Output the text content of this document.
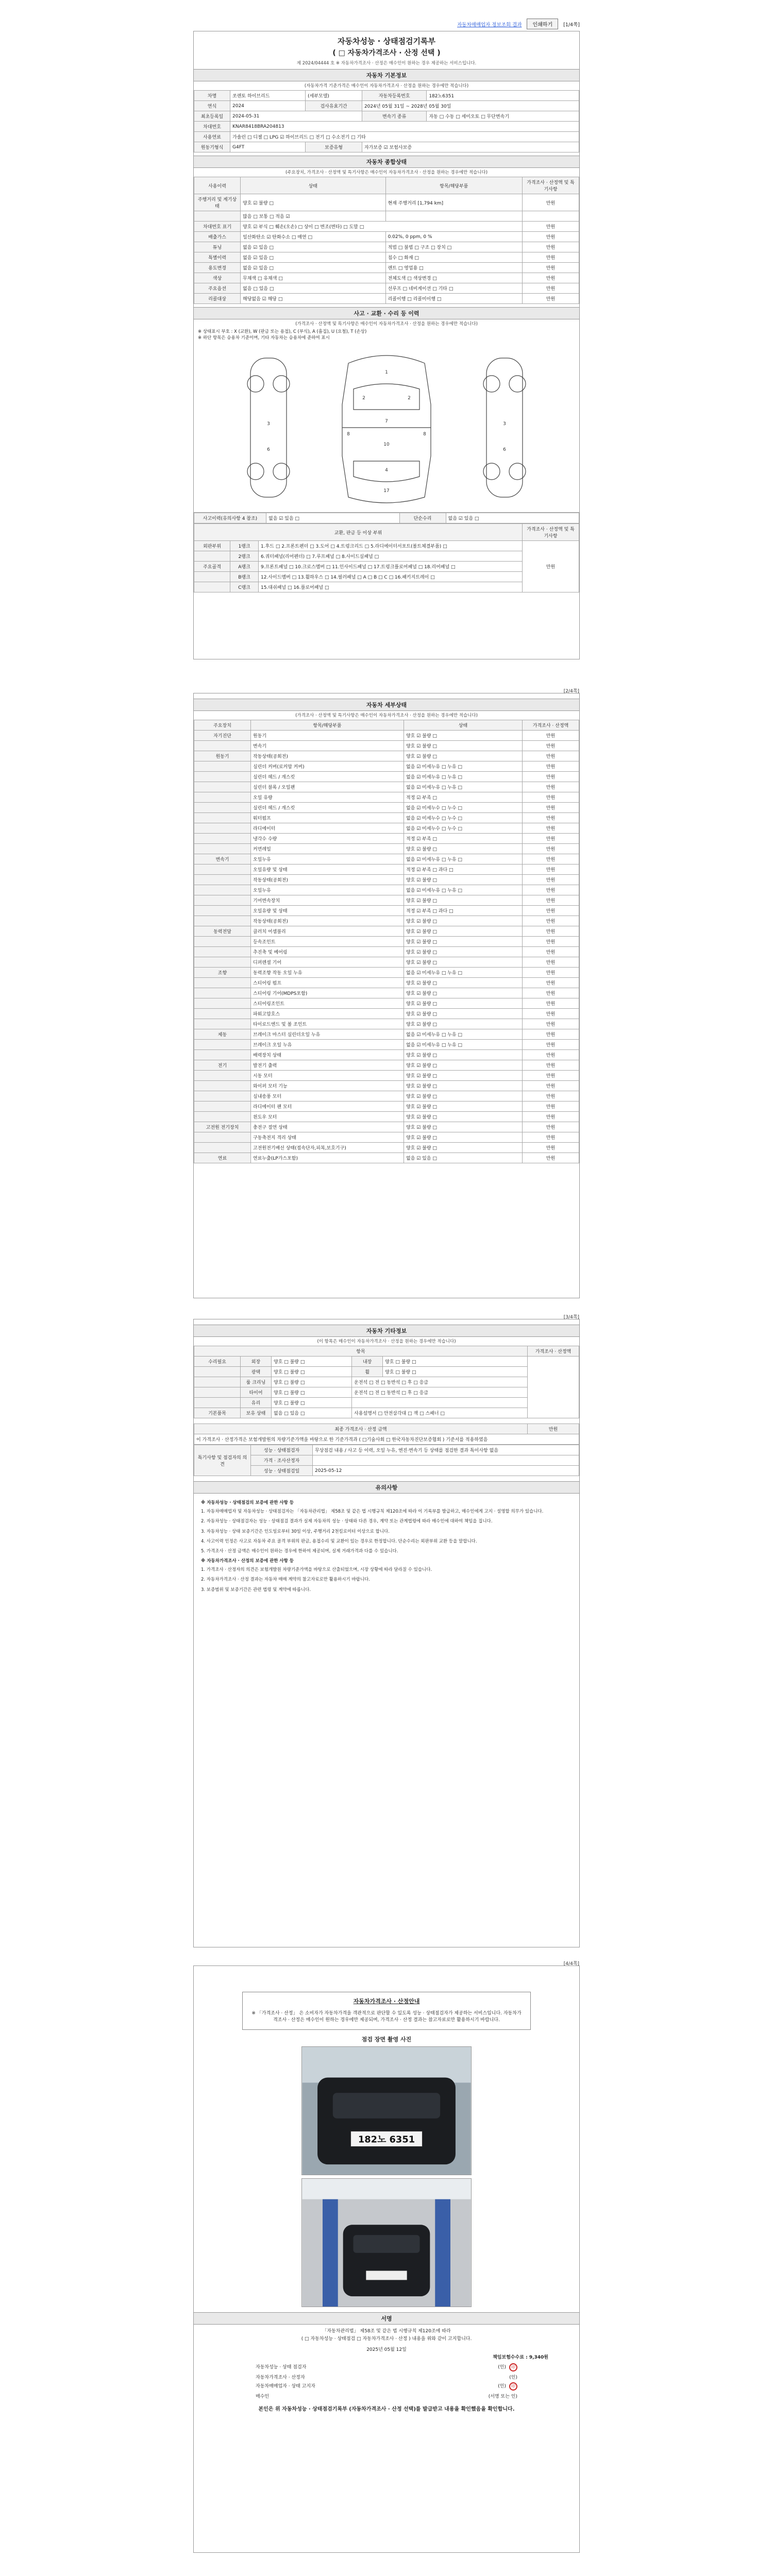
자동차매매업자 정보조회 결과	인쇄하기	[1/4쪽]
자동차성능 · 상태점검기록부
( □ 자동차가격조사 · 산정 선택 )
제 2024/04444 호 ※ 자동차가격조사 · 산정은 매수인이 원하는 경우 제공하는 서비스입니다.
자동차 기본정보
(자동차가격 기준가격은 매수인이 자동차가격조사 · 산정을 원하는 경우에만 적습니다)
차명	쏘렌토 하이브리드	(세부모델)	자동차등록번호	182노6351
연식	2024	검사유효기간	2024년 05월 31일 ~ 2028년 05월 30일	
최초등록일	2024-05-31		변속기 종류	자동 □ 수동 □ 세미오토 □ 무단변속기
차대번호	KNAR8418BRA204813			
사용연료	가솔린 □ 디젤 □ LPG ☑ 하이브리드 □ 전기 □ 수소전기 □ 기타			
원동기형식	G4FT	보증유형	자가보증 ☑ 보험사보증	
자동차 종합상태
(주요장치, 가격조사 · 산정액 및 특기사항은 매수인이 자동차가격조사 · 산정을 원하는 경우에만 적습니다)
사용이력	상태	항목/해당부품	가격조사 · 산정액 및 특기사항
주행거리 및 계기상태	양호 ☑ 불량 □	현재 주행거리 [1,794 km]	만원
	많음 □ 보통 □ 적음 ☑		
차대번호 표기	양호 ☑ 부식 □ 훼손(오손) □ 상이 □ 변조(변타) □ 도말 □		만원
배출가스	일산화탄소 ☑ 탄화수소 □ 매연 □	0.02%, 0 ppm, 0 %	만원
튜닝	없음 ☑ 있음 □	적법 □ 불법 □ 구조 □ 장치 □	만원
특별이력	없음 ☑ 있음 □	침수 □ 화재 □	만원
용도변경	없음 ☑ 있음 □	렌트 □ 영업용 □	만원
색상	무채색 □ 유채색 □	전체도색 □ 색상변경 □	만원
주요옵션	없음 □ 있음 □	선루프 □ 네비게이션 □ 기타 □	만원
리콜대상	해당없음 ☑ 해당 □	리콜이행 □ 리콜미이행 □	만원
사고 · 교환 · 수리 등 이력
(가격조사 · 산정액 및 특기사항은 매수인이 자동차가격조사 · 산정을 원하는 경우에만 적습니다)
※ 상태표시 부호 : X (교환), W (판금 또는 용접), C (부식), A (흠집), U (요철), T (손상)
※ 하단 항목은 승용차 기준이며, 기타 자동차는 승용차에 준하여 표시
1
2	2
7
10
4
8	8
3
6
3
6
17
사고이력(유의사항 4 참조)	없음 ☑ 있음 □	단순수리	없음 ☑ 있음 □
교환, 판금 등 이상 부위			가격조사 · 산정액 및 특기사항
외판부위	1랭크	1.후드 □ 2.프론트펜더 □ 3.도어 □ 4.트렁크리드 □ 5.라디에이터서포트(볼트체결부품) □	만원
	2랭크	6.쿼터패널(리어펜더) □ 7.루프패널 □ 8.사이드실패널 □	
주요골격	A랭크	9.프론트패널 □ 10.크로스멤버 □ 11.인사이드패널 □ 17.트렁크플로어패널 □ 18.리어패널 □	
	B랭크	12.사이드멤버 □ 13.휠하우스 □ 14.필러패널 □ A □ B □ C □ 16.패키지트레이 □	
	C랭크	15.대쉬패널 □ 16.플로어패널 □	
[2/4쪽]
자동차 세부상태
(가격조사 · 산정액 및 특기사항은 매수인이 자동차가격조사 · 산정을 원하는 경우에만 적습니다)
주요장치	항목/해당부품	상태	가격조사 · 산정액
자기진단	원동기	양호 ☑ 불량 □	만원
	변속기	양호 ☑ 불량 □	만원
원동기	작동상태(공회전)	양호 ☑ 불량 □	만원
	실린더 커버(로커암 커버)	없음 ☑ 미세누유 □ 누유 □	만원
	실린더 헤드 / 개스킷	없음 ☑ 미세누유 □ 누유 □	만원
	실린더 블록 / 오일팬	없음 ☑ 미세누유 □ 누유 □	만원
	오일 유량	적정 ☑ 부족 □	만원
	실린더 헤드 / 개스킷	없음 ☑ 미세누수 □ 누수 □	만원
	워터펌프	없음 ☑ 미세누수 □ 누수 □	만원
	라디에이터	없음 ☑ 미세누수 □ 누수 □	만원
	냉각수 수량	적정 ☑ 부족 □	만원
	커먼레일	양호 ☑ 불량 □	만원
변속기	오일누유	없음 ☑ 미세누유 □ 누유 □	만원
	오일유량 및 상태	적정 ☑ 부족 □ 과다 □	만원
	작동상태(공회전)	양호 ☑ 불량 □	만원
	오일누유	없음 ☑ 미세누유 □ 누유 □	만원
	기어변속장치	양호 ☑ 불량 □	만원
	오일유량 및 상태	적정 ☑ 부족 □ 과다 □	만원
	작동상태(공회전)	양호 ☑ 불량 □	만원
동력전달	클러치 어셈블리	양호 ☑ 불량 □	만원
	등속조인트	양호 ☑ 불량 □	만원
	추진축 및 베어링	양호 ☑ 불량 □	만원
	디퍼렌셜 기어	양호 ☑ 불량 □	만원
조향	동력조향 작동 오일 누유	없음 ☑ 미세누유 □ 누유 □	만원
	스티어링 펌프	양호 ☑ 불량 □	만원
	스티어링 기어(MDPS포함)	양호 ☑ 불량 □	만원
	스티어링조인트	양호 ☑ 불량 □	만원
	파워고압호스	양호 ☑ 불량 □	만원
	타이로드엔드 및 볼 조인트	양호 ☑ 불량 □	만원
제동	브레이크 마스터 실린더오일 누유	없음 ☑ 미세누유 □ 누유 □	만원
	브레이크 오일 누유	없음 ☑ 미세누유 □ 누유 □	만원
	배력장치 상태	양호 ☑ 불량 □	만원
전기	발전기 출력	양호 ☑ 불량 □	만원
	시동 모터	양호 ☑ 불량 □	만원
	와이퍼 모터 기능	양호 ☑ 불량 □	만원
	실내송풍 모터	양호 ☑ 불량 □	만원
	라디에이터 팬 모터	양호 ☑ 불량 □	만원
	윈도우 모터	양호 ☑ 불량 □	만원
고전원 전기장치	충전구 절연 상태	양호 ☑ 불량 □	만원
	구동축전지 격리 상태	양호 ☑ 불량 □	만원
	고전원전기배선 상태(접속단자,피복,보호기구)	양호 ☑ 불량 □	만원
연료	연료누출(LP가스포함)	없음 ☑ 있음 □	만원
[3/4쪽]
자동차 기타정보
(이 항목은 매수인이 자동차가격조사 · 산정을 원하는 경우에만 적습니다)
항목					가격조사 · 산정액
수리필요	외장	양호 □ 불량 □	내장	양호 □ 불량 □	
	광택	양호 □ 불량 □	휠	양호 □ 불량 □	
	룸 크리닝	양호 □ 불량 □	운전석 □ 전 □ 동반석 □ 후 □ 응급		
	타이어	양호 □ 불량 □	운전석 □ 전 □ 동반석 □ 후 □ 응급		
	유리	양호 □ 불량 □			
기본품목	보유 상태	없음 □ 있음 □	사용설명서 □ 안전삼각대 □ 잭 □ 스패너 □		
최종 가격조사 · 산정 금액	만원
이 가격조사 · 산정가격은 보험개발원의 차량기준가액을 바탕으로 한 기준가격과 ( □기술사회 □ 한국자동차진단보증협회 ) 기준서를 적용하였음
특기사항 및 점검자의 의견	성능 · 상태점검자	무상점검 내용 / 사고 등 이력, 오일 누유, 엔진·변속기 등 상태를 점검한 결과 특이사항 없음
	가격 · 조사산정자	
	성능 · 상태점검일	2025-05-12
유의사항
※ 자동차성능 · 상태점검의 보증에 관한 사항 등

1. 자동차매매업자 및 자동차성능 · 상태점검자는 「자동차관리법」 제58조 및 같은 법 시행규칙 제120조에 따라 이 기록부를 발급하고, 매수인에게 고지 · 설명할 의무가 있습니다.

2. 자동차성능 · 상태점검자는 성능 · 상태점검 결과가 실제 자동차의 성능 · 상태와 다른 경우, 계약 또는 관계법령에 따라 매수인에 대하여 책임을 집니다.

3. 자동차성능 · 상태 보증기간은 인도일로부터 30일 이상, 주행거리 2천킬로미터 이상으로 합니다.

4. 사고이력 인정은 사고로 자동차 주요 골격 부위의 판금, 용접수리 및 교환이 있는 경우로 한정합니다. 단순수리는 외판부위 교환 등을 말합니다.

5. 가격조사 · 산정 금액은 매수인이 원하는 경우에 한하여 제공되며, 실제 거래가격과 다를 수 있습니다.

※ 자동차가격조사 · 산정의 보증에 관한 사항 등

1. 가격조사 · 산정자의 의견은 보험개발원 차량기준가액을 바탕으로 산출되었으며, 시장 상황에 따라 달라질 수 있습니다.

2. 자동차가격조사 · 산정 결과는 자동차 매매 계약의 참고자료로만 활용하시기 바랍니다.

3. 보증범위 및 보증기간은 관련 법령 및 계약에 따릅니다.

[4/4쪽]
자동차가격조사 · 산정안내
※ 「가격조사 · 산정」 은 소비자가 자동차가격을 객관적으로 판단할 수 있도록 성능 · 상태점검자가 제공하는 서비스입니다. 자동차가격조사 · 산정은 매수인이 원하는 경우에만 제공되며, 가격조사 · 산정 결과는 참고자료로만 활용하시기 바랍니다.
점검 장면 촬영 사진
182노 6351
서명
「자동차관리법」 제58조 및 같은 법 시행규칙 제120조에 따라
( □ 자동차성능 · 상태점검 □ 자동차가격조사 · 산정 ) 내용을 위와 같이 고지합니다.
2025년 05월 12일
책임보험수수료 : 9,340원
자동차성능 · 상태 점검자	(인) 印
자동차가격조사 · 산정자	(인)
자동차매매업자 · 상태 고지자	(인) 印
매수인	(서명 또는 인)
본인은 위 자동차성능 · 상태점검기록부 (자동차가격조사 · 산정 선택)를 발급받고 내용을 확인했음을 확인합니다.
